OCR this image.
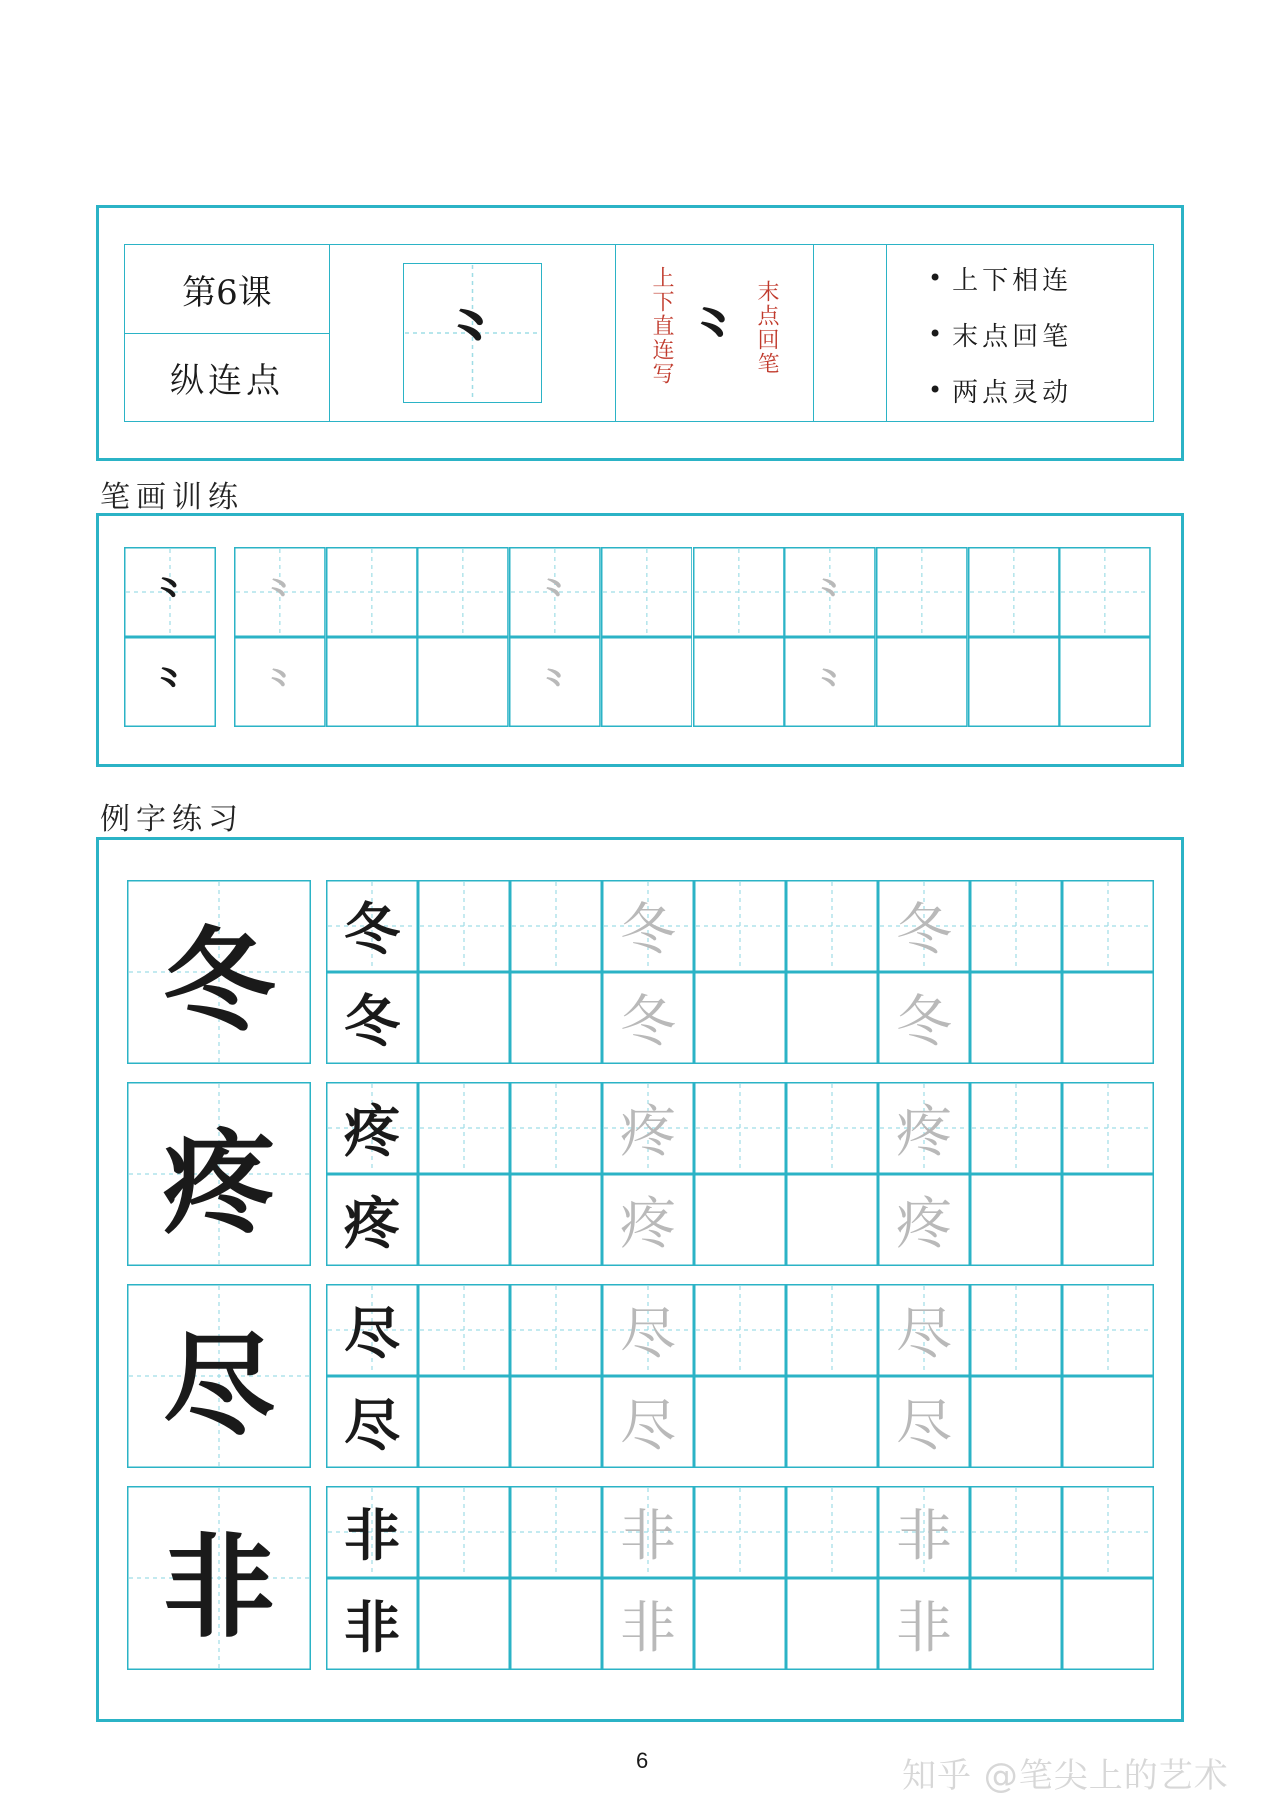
第6课
纵连点
⺀	上下直连写 ⺀ 末点回笔
•	上下相连
• 末点回笔
• 两点灵动
笔画训练
⺀
⺀
⺀	⺀	⺀
⺀	⺀	⺀
例字练习
冬	冬	冬	冬
冬	冬	冬
疼	疼	疼	疼
疼	疼	疼
尽	尽	尽	尽
尽	尽	尽
非	非	非	非
非	非	非
6	知乎 @笔尖上的艺术
